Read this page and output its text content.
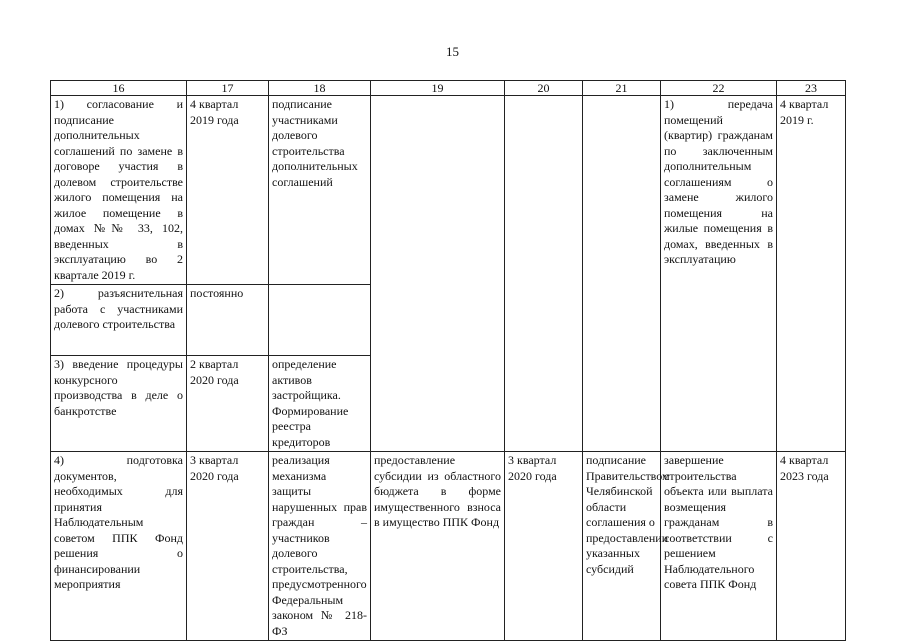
15
16	17	18	19	20	21	22	23
1) согласование и подписание дополнительных соглашений по замене в договоре участия в долевом строительстве жилого помещения на жилое помещение в домах №№ 33, 102, введенных в эксплуатацию во 2 квартале 2019 г.	4 квартал 2019 года	подписание участниками долевого строительства дополнительных соглашений				1) передача помещений (квартир) гражданам по заключенным дополнительным соглашениям о замене жилого помещения на жилые помещения в домах, введенных в эксплуатацию	4 квартал 2019 г.
2) разъяснительная работа с участниками долевого строительства	постоянно						
3) введение процедуры конкурсного производства в деле о банкротстве	2 квартал 2020 года	определение активов застройщика. Формирование реестра кредиторов					
4) подготовка документов, необходимых для принятия Наблюдательным советом ППК Фонд решения о финансировании мероприятия	3 квартал 2020 года	реализация механизма защиты нарушенных прав граждан – участников долевого строительства, предусмотренного Федеральным законом № 218-ФЗ	предоставление субсидии из областного бюджета в форме имущественного взноса в имущество ППК Фонд	3 квартал 2020 года	подписание Правительством Челябинской области соглашения о предоставлении указанных субсидий	завершение строительства объекта или выплата возмещения гражданам в соответствии с решением Наблюдательного совета ППК Фонд	4 квартал 2023 года
